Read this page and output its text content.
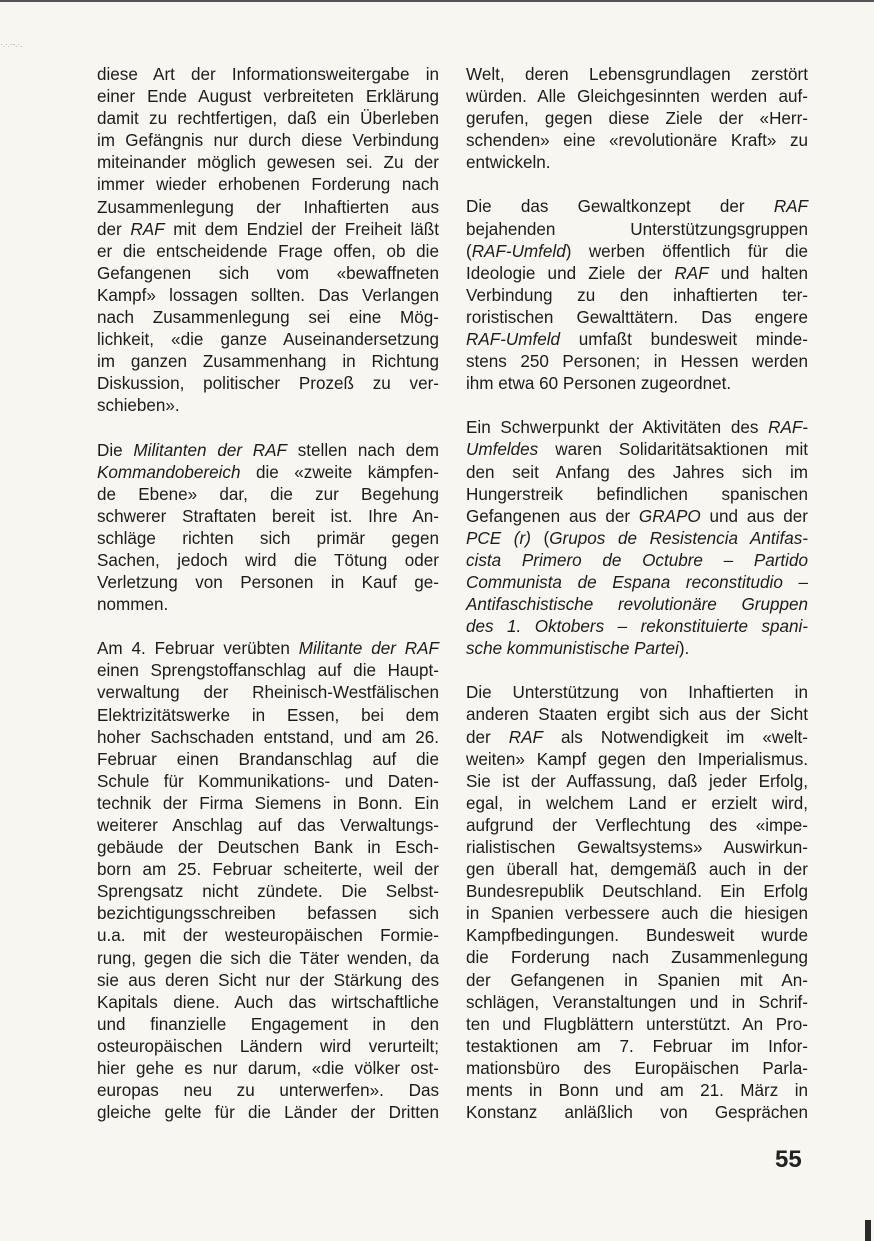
·.·.·-.·.

diese Art der Informationsweitergabe in
einer Ende August verbreiteten Erklärung
damit zu rechtfertigen, daß ein Überleben
im Gefängnis nur durch diese Verbindung
miteinander möglich gewesen sei. Zu der
immer wieder erhobenen Forderung nach
Zusammenlegung der Inhaftierten aus
der RAF mit dem Endziel der Freiheit läßt
er die entscheidende Frage offen, ob die
Gefangenen sich vom «bewaffneten
Kampf» lossagen sollten. Das Verlangen
nach Zusammenlegung sei eine Mög-
lichkeit, «die ganze Auseinandersetzung
im ganzen Zusammenhang in Richtung
Diskussion, politischer Prozeß zu ver-
schieben».

Die Militanten der RAF stellen nach dem
Kommandobereich die «zweite kämpfen-
de Ebene» dar, die zur Begehung
schwerer Straftaten bereit ist. Ihre An-
schläge richten sich primär gegen
Sachen, jedoch wird die Tötung oder
Verletzung von Personen in Kauf ge-
nommen.

Am 4. Februar verübten Militante der RAF
einen Sprengstoffanschlag auf die Haupt-
verwaltung der Rheinisch-Westfälischen
Elektrizitätswerke in Essen, bei dem
hoher Sachschaden entstand, und am 26.
Februar einen Brandanschlag auf die
Schule für Kommunikations- und Daten-
technik der Firma Siemens in Bonn. Ein
weiterer Anschlag auf das Verwaltungs-
gebäude der Deutschen Bank in Esch-
born am 25. Februar scheiterte, weil der
Sprengsatz nicht zündete. Die Selbst-
bezichtigungsschreiben befassen sich
u.a. mit der westeuropäischen Formie-
rung, gegen die sich die Täter wenden, da
sie aus deren Sicht nur der Stärkung des
Kapitals diene. Auch das wirtschaftliche
und finanzielle Engagement in den
osteuropäischen Ländern wird verurteilt;
hier gehe es nur darum, «die völker ost-
europas neu zu unterwerfen». Das
gleiche gelte für die Länder der Dritten

Welt, deren Lebensgrundlagen zerstört
würden. Alle Gleichgesinnten werden auf-
gerufen, gegen diese Ziele der «Herr-
schenden» eine «revolutionäre Kraft» zu
entwickeln.

Die das Gewaltkonzept der RAF
bejahenden Unterstützungsgruppen
(RAF-Umfeld) werben öffentlich für die
Ideologie und Ziele der RAF und halten
Verbindung zu den inhaftierten ter-
roristischen Gewalttätern. Das engere
RAF-Umfeld umfaßt bundesweit minde-
stens 250 Personen; in Hessen werden
ihm etwa 60 Personen zugeordnet.

Ein Schwerpunkt der Aktivitäten des RAF-
Umfeldes waren Solidaritätsaktionen mit
den seit Anfang des Jahres sich im
Hungerstreik befindlichen spanischen
Gefangenen aus der GRAPO und aus der
PCE (r) (Grupos de Resistencia Antifas-
cista Primero de Octubre – Partido
Communista de Espana reconstitudio –
Antifaschistische revolutionäre Gruppen
des 1. Oktobers – rekonstituierte spani-
sche kommunistische Partei).

Die Unterstützung von Inhaftierten in
anderen Staaten ergibt sich aus der Sicht
der RAF als Notwendigkeit im «welt-
weiten» Kampf gegen den Imperialismus.
Sie ist der Auffassung, daß jeder Erfolg,
egal, in welchem Land er erzielt wird,
aufgrund der Verflechtung des «impe-
rialistischen Gewaltsystems» Auswirkun-
gen überall hat, demgemäß auch in der
Bundesrepublik Deutschland. Ein Erfolg
in Spanien verbessere auch die hiesigen
Kampfbedingungen. Bundesweit wurde
die Forderung nach Zusammenlegung
der Gefangenen in Spanien mit An-
schlägen, Veranstaltungen und in Schrif-
ten und Flugblättern unterstützt. An Pro-
testaktionen am 7. Februar im Infor-
mationsbüro des Europäischen Parla-
ments in Bonn und am 21. März in
Konstanz anläßlich von Gesprächen

55
